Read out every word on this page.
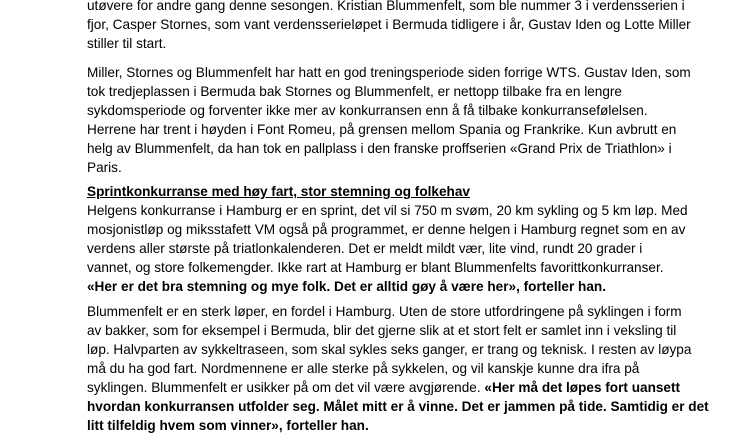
utøvere for andre gang denne sesongen. Kristian Blummenfelt, som ble nummer 3 i verdensserien i
fjor, Casper Stornes, som vant verdensserieløpet i Bermuda tidligere i år, Gustav Iden og Lotte Miller
stiller til start.
Miller, Stornes og Blummenfelt har hatt en god treningsperiode siden forrige WTS. Gustav Iden, som
tok tredjeplassen i Bermuda bak Stornes og Blummenfelt, er nettopp tilbake fra en lengre
sykdomsperiode og forventer ikke mer av konkurransen enn å få tilbake konkurransefølelsen.
Herrene har trent i høyden i Font Romeu, på grensen mellom Spania og Frankrike. Kun avbrutt en
helg av Blummenfelt, da han tok en pallplass i den franske proffserien «Grand Prix de Triathlon» i
Paris.
Sprintkonkurranse med høy fart, stor stemning og folkehav
Helgens konkurranse i Hamburg er en sprint, det vil si 750 m svøm, 20 km sykling og 5 km løp. Med
mosjonistløp og miksstafett VM også på programmet, er denne helgen i Hamburg regnet som en av
verdens aller største på triatlonkalenderen. Det er meldt mildt vær, lite vind, rundt 20 grader i
vannet, og store folkemengder. Ikke rart at Hamburg er blant Blummenfelts favorittkonkurranser.
«Her er det bra stemning og mye folk. Det er alltid gøy å være her», forteller han.
Blummenfelt er en sterk løper, en fordel i Hamburg. Uten de store utfordringene på syklingen i form
av bakker, som for eksempel i Bermuda, blir det gjerne slik at et stort felt er samlet inn i veksling til
løp. Halvparten av sykkeltraseen, som skal sykles seks ganger, er trang og teknisk. I resten av løypa
må du ha god fart. Nordmennene er alle sterke på sykkelen, og vil kanskje kunne dra ifra på
syklingen. Blummenfelt er usikker på om det vil være avgjørende. «Her må det løpes fort uansett
hvordan konkurransen utfolder seg. Målet mitt er å vinne. Det er jammen på tide. Samtidig er det
litt tilfeldig hvem som vinner», forteller han.
